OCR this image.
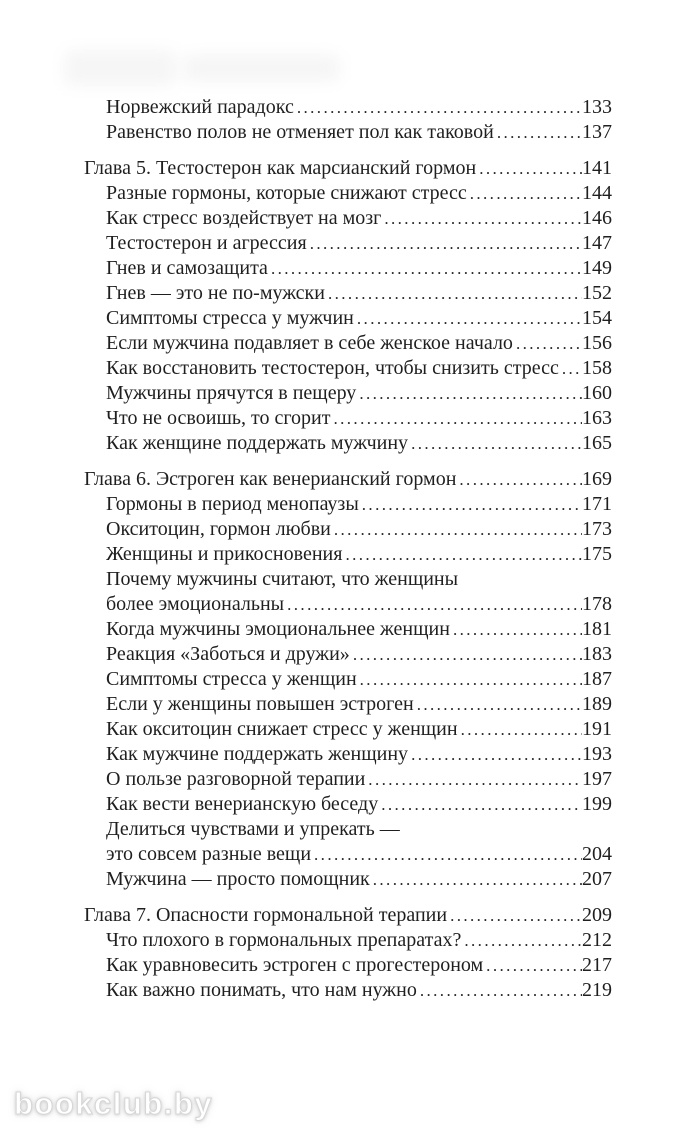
Норвежский парадокс .....	133
Равенство полов не отменяет пол как таковой .....	137
Глава 5. Тестостерон как марсианский гормон .....	141
Разные гормоны, которые снижают стресс .....	144
Как стресс воздействует на мозг .....	146
Тестостерон и агрессия .....	147
Гнев и самозащита .....	149
Гнев — это не по-мужски .....	152
Симптомы стресса у мужчин .....	154
Если мужчина подавляет в себе женское начало .....	156
Как восстановить тестостерон, чтобы снизить стресс ..... 158
Мужчины прячутся в пещеру .....	160
Что не освоишь, то сгорит .....	163
Как женщине поддержать мужчину .....	165
Глава 6. Эстроген как венерианский гормон .....	169
Гормоны в период менопаузы .....	171
Окситоцин, гормон любви .....	173
Женщины и прикосновения .....	175
Почему мужчины считают, что женщины
более эмоциональны .....	178
Когда мужчины эмоциональнее женщин .....	181
Реакция «Заботься и дружи» .....	183
Симптомы стресса у женщин .....	187
Если у женщины повышен эстроген .....	189
Как окситоцин снижает стресс у женщин .....	191
Как мужчине поддержать женщину .....	193
О пользе разговорной терапии .....	197
Как вести венерианскую беседу .....	199
Делиться чувствами и упрекать —
это совсем разные вещи .....	204
Мужчина — просто помощник .....	207
Глава 7. Опасности гормональной терапии .....	209
Что плохого в гормональных препаратах? .....	212
Как уравновесить эстроген с прогестероном .....	217
Как важно понимать, что нам нужно .....	219
bookclub.by
